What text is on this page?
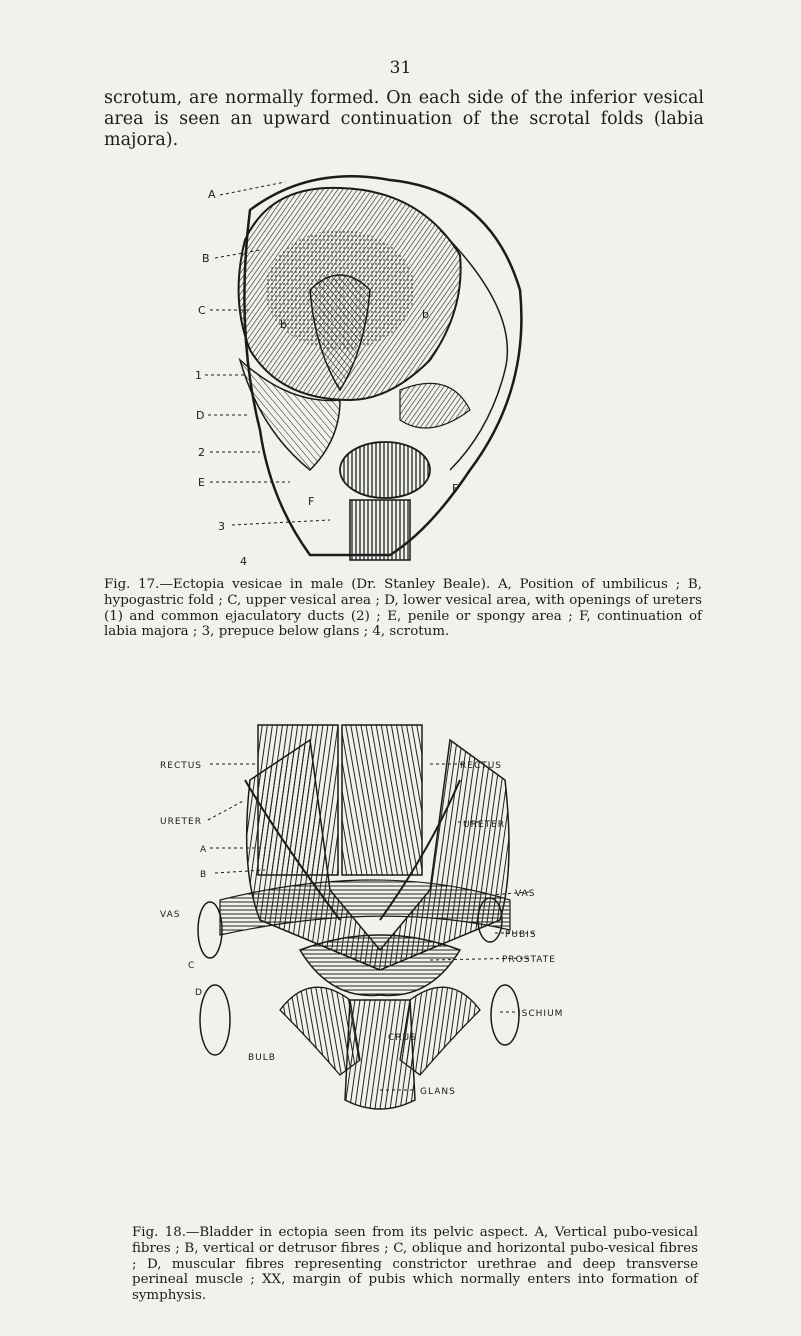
31
scrotum, are normally formed. On each side of the inferior vesical area is seen an upward continuation of the scrotal folds (labia majora).
A
B
C
1
D
2
E
3
4
F
F
b
b
Fig. 17.—Ectopia vesicae in male (Dr. Stanley Beale). A, Position of umbilicus ; B, hypogastric fold ; C, upper vesical area ; D, lower vesical area, with openings of ureters (1) and common ejaculatory ducts (2) ; E, penile or spongy area ; F, continuation of labia majora ; 3, prepuce below glans ; 4, scrotum.
RECTUS	RECTUS
URETER	URETER
A
B
VAS
VAS
PUBIS
PROSTATE
C
D
ISCHIUM
BULB
CRUS
GLANS
Fig. 18.—Bladder in ectopia seen from its pelvic aspect. A, Vertical pubo-vesical fibres ; B, vertical or detrusor fibres ; C, oblique and horizontal pubo-vesical fibres ; D, muscular fibres representing constrictor urethrae and deep transverse perineal muscle ; XX, margin of pubis which normally enters into formation of symphysis.
